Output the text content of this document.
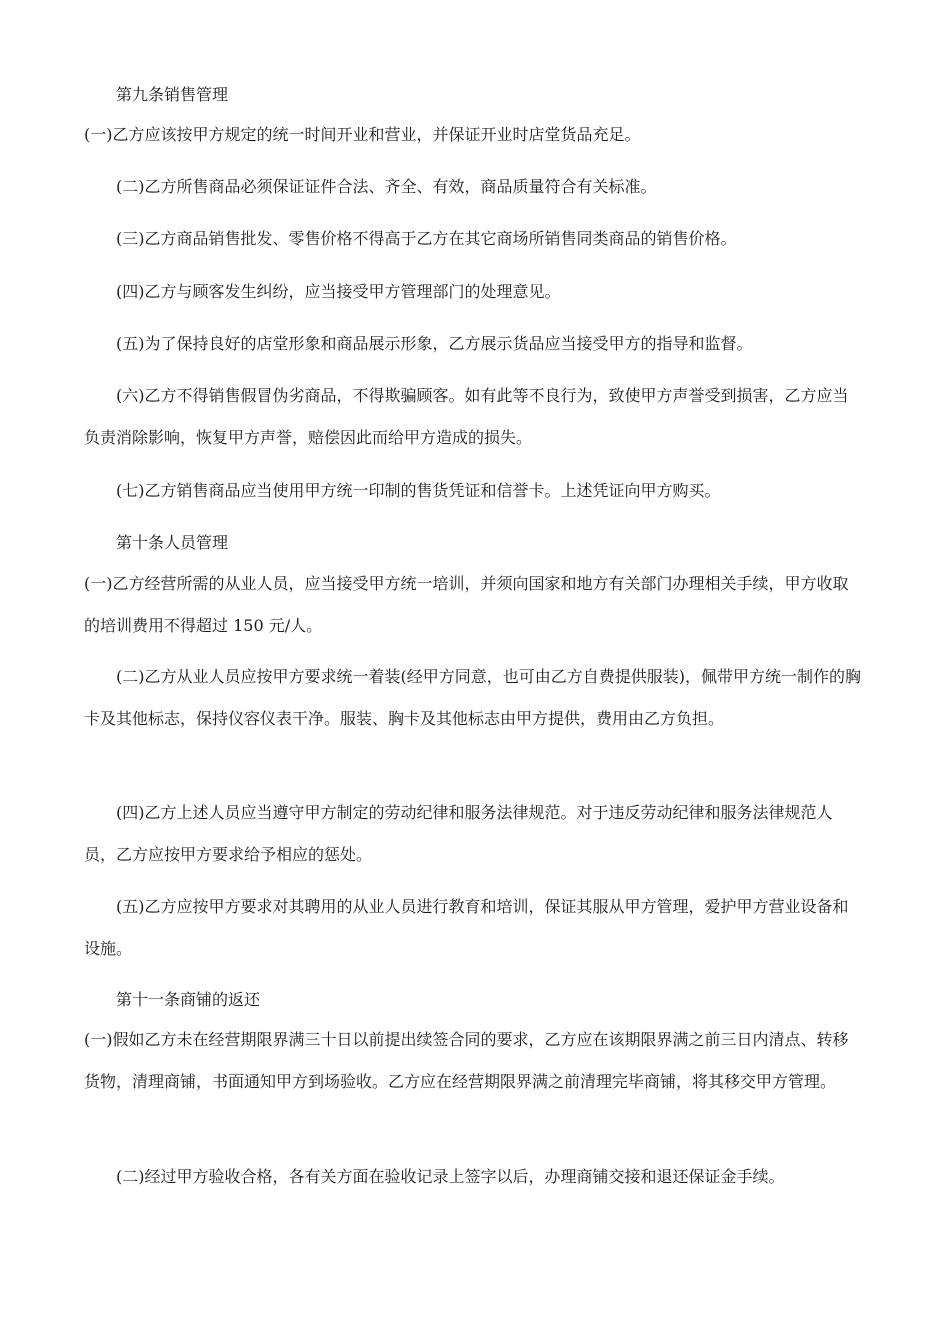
第九条销售管理

(一)乙方应该按甲方规定的统一时间开业和营业，并保证开业时店堂货品充足。

(二)乙方所售商品必须保证证件合法、齐全、有效，商品质量符合有关标准。

(三)乙方商品销售批发、零售价格不得高于乙方在其它商场所销售同类商品的销售价格。

(四)乙方与顾客发生纠纷，应当接受甲方管理部门的处理意见。

(五)为了保持良好的店堂形象和商品展示形象，乙方展示货品应当接受甲方的指导和监督。

(六)乙方不得销售假冒伪劣商品，不得欺骗顾客。如有此等不良行为，致使甲方声誉受到损害，乙方应当负责消除影响，恢复甲方声誉，赔偿因此而给甲方造成的损失。

(七)乙方销售商品应当使用甲方统一印制的售货凭证和信誉卡。上述凭证向甲方购买。

第十条人员管理

(一)乙方经营所需的从业人员，应当接受甲方统一培训，并须向国家和地方有关部门办理相关手续，甲方收取的培训费用不得超过 150 元/人。

(二)乙方从业人员应按甲方要求统一着装(经甲方同意，也可由乙方自费提供服装)，佩带甲方统一制作的胸卡及其他标志，保持仪容仪表干净。服装、胸卡及其他标志由甲方提供，费用由乙方负担。

(四)乙方上述人员应当遵守甲方制定的劳动纪律和服务法律规范。对于违反劳动纪律和服务法律规范人员，乙方应按甲方要求给予相应的惩处。

(五)乙方应按甲方要求对其聘用的从业人员进行教育和培训，保证其服从甲方管理，爱护甲方营业设备和设施。

第十一条商铺的返还

(一)假如乙方未在经营期限界满三十日以前提出续签合同的要求，乙方应在该期限界满之前三日内清点、转移货物，清理商铺，书面通知甲方到场验收。乙方应在经营期限界满之前清理完毕商铺，将其移交甲方管理。

(二)经过甲方验收合格，各有关方面在验收记录上签字以后，办理商铺交接和退还保证金手续。
